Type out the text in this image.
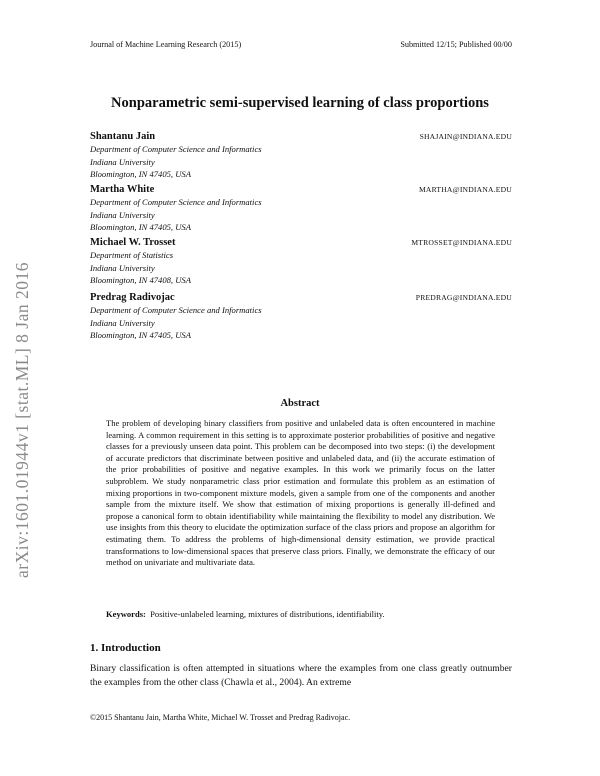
Journal of Machine Learning Research (2015)	Submitted 12/15; Published 00/00
Nonparametric semi-supervised learning of class proportions
Shantanu Jain	SHAJAIN@INDIANA.EDU
Department of Computer Science and Informatics
Indiana University
Bloomington, IN 47405, USA
Martha White	MARTHA@INDIANA.EDU
Department of Computer Science and Informatics
Indiana University
Bloomington, IN 47405, USA
Michael W. Trosset	MTROSSET@INDIANA.EDU
Department of Statistics
Indiana University
Bloomington, IN 47408, USA
Predrag Radivojac	PREDRAG@INDIANA.EDU
Department of Computer Science and Informatics
Indiana University
Bloomington, IN 47405, USA
arXiv:1601.01944v1 [stat.ML] 8 Jan 2016	Abstract
The problem of developing binary classifiers from positive and unlabeled data is often encountered in machine learning. A common requirement in this setting is to approximate posterior probabilities of positive and negative classes for a previously unseen data point. This problem can be decomposed into two steps: (i) the development of accurate predictors that discriminate between positive and unlabeled data, and (ii) the accurate estimation of the prior probabilities of positive and negative examples. In this work we primarily focus on the latter subproblem. We study nonparametric class prior estimation and formulate this problem as an estimation of mixing proportions in two-component mixture models, given a sample from one of the components and another sample from the mixture itself. We show that estimation of mixing proportions is generally ill-defined and propose a canonical form to obtain identifiability while maintaining the flexibility to model any distribution. We use insights from this theory to elucidate the optimization surface of the class priors and propose an algorithm for estimating them. To address the problems of high-dimensional density estimation, we provide practical transformations to low-dimensional spaces that preserve class priors. Finally, we demonstrate the efficacy of our method on univariate and multivariate data.
Keywords: Positive-unlabeled learning, mixtures of distributions, identifiability.
1. Introduction
Binary classification is often attempted in situations where the examples from one class greatly outnumber the examples from the other class (Chawla et al., 2004). An extreme
©2015 Shantanu Jain, Martha White, Michael W. Trosset and Predrag Radivojac.
